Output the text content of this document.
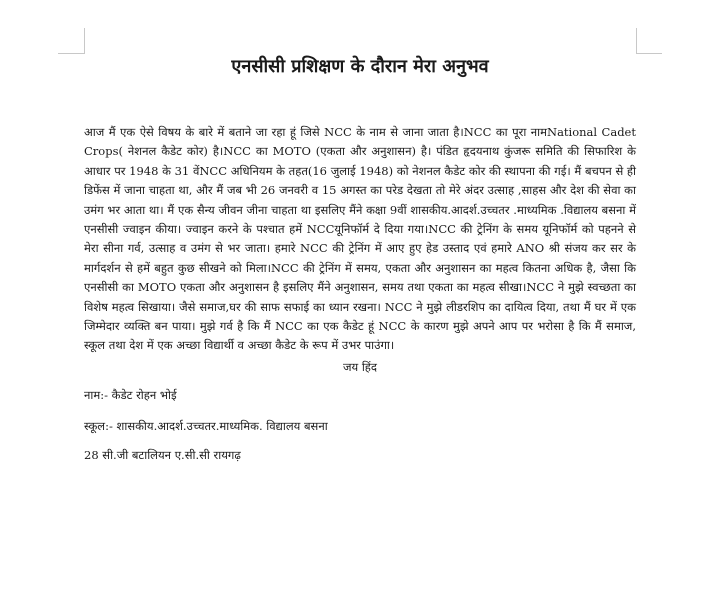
एनसीसी प्रशिक्षण के दौरान मेरा अनुभव

आज मैं एक ऐसे विषय के बारे में बताने जा रहा हूं जिसे NCC के नाम से जाना जाता है।NCC का पूरा नामNational Cadet Crops( नेशनल कैडेट कोर) है।NCC का MOTO (एकता और अनुशासन) है। पंडित हृदयनाथ कुंजरू समिति की सिफारिश के आधार पर 1948 के 31 वेंNCC अधिनियम के तहत(16 जुलाई 1948) को नेशनल कैडेट कोर की स्थापना की गई। मैं बचपन से ही डिफेंस में जाना चाहता था, और मैं जब भी 26 जनवरी व 15 अगस्त का परेड देखता तो मेरे अंदर उत्साह ,साहस और देश की सेवा का उमंग भर आता था। मैं एक सैन्य जीवन जीना चाहता था इसलिए मैंने कक्षा 9वीं शासकीय.आदर्श.उच्चतर .माध्यमिक .विद्यालय बसना में एनसीसी ज्वाइन कीया। ज्वाइन करने के पश्चात हमें NCCयूनिफॉर्म दे दिया गया।NCC की ट्रेनिंग के समय यूनिफॉर्म को पहनने से मेरा सीना गर्व, उत्साह व उमंग से भर जाता। हमारे NCC की ट्रेनिंग में आए हुए हेड उस्ताद एवं हमारे ANO श्री संजय कर सर के मार्गदर्शन से हमें बहुत कुछ सीखने को मिला।NCC की ट्रेनिंग में समय, एकता और अनुशासन का महत्व कितना अधिक है, जैसा कि एनसीसी का MOTO एकता और अनुशासन है इसलिए मैंने अनुशासन, समय तथा एकता का महत्व सीखा।NCC ने मुझे स्वच्छता का विशेष महत्व सिखाया। जैसे समाज,घर की साफ सफाई का ध्यान रखना। NCC ने मुझे लीडरशिप का दायित्व दिया, तथा मैं घर में एक जिम्मेदार व्यक्ति बन पाया। मुझे गर्व है कि मैं NCC का एक कैडेट हूं NCC के कारण मुझे अपने आप पर भरोसा है कि मैं समाज, स्कूल तथा देश में एक अच्छा विद्यार्थी व अच्छा कैडेट के रूप में उभर पाउंगा।

जय हिंद

नाम:- कैडेट रोहन भोई

स्कूल:- शासकीय.आदर्श.उच्चतर.माध्यमिक. विद्यालय बसना

28 सी.जी बटालियन ए.सी.सी रायगढ़
